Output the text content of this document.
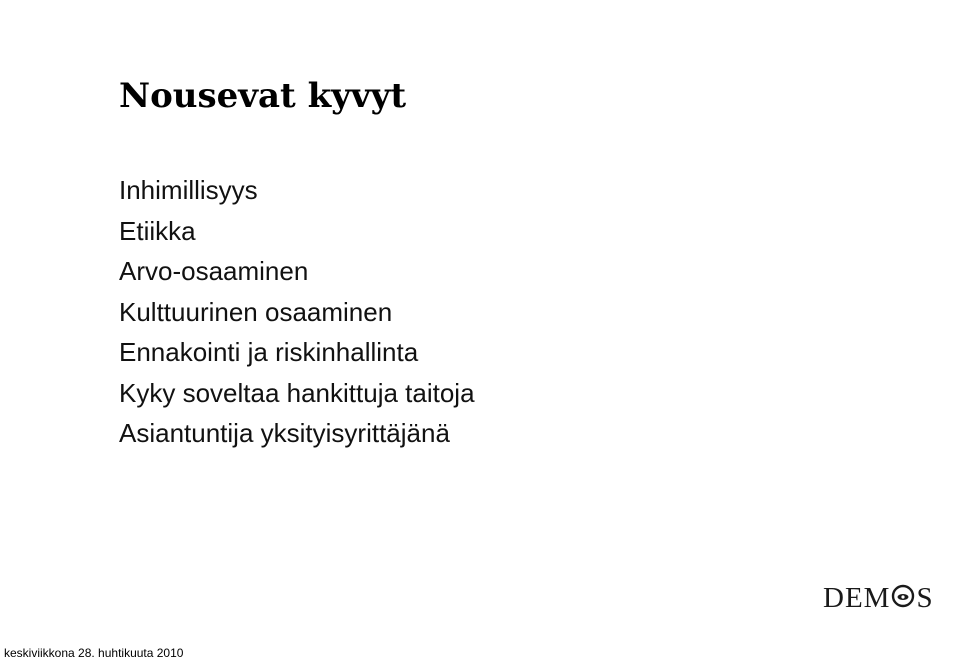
Nousevat kyvyt
Inhimillisyys
Etiikka
Arvo-osaaminen
Kulttuurinen osaaminen
Ennakointi ja riskinhallinta
Kyky soveltaa hankittuja taitoja
Asiantuntija yksityisyrittäjänä
DEM S
keskiviikkona 28. huhtikuuta 2010
